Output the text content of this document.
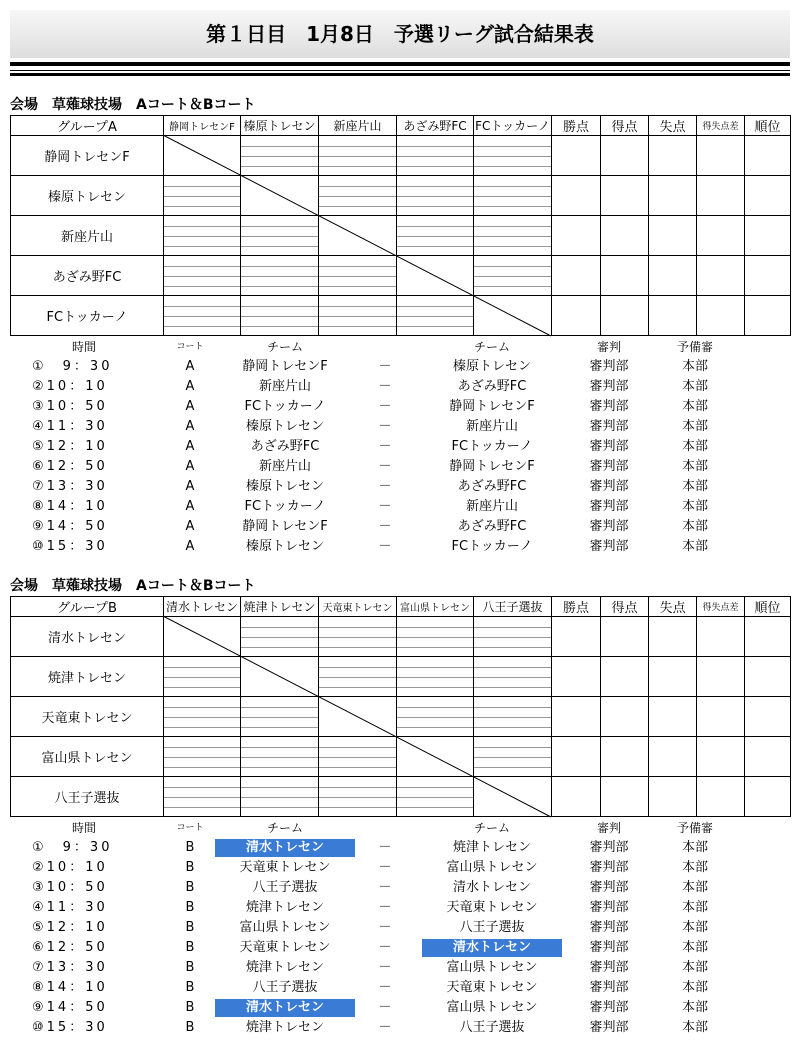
第１日目　1月8日　予選リーグ試合結果表
会場　草薙球技場　Aコート＆Bコート
グループA	静岡トレセンF	榛原トレセン	新座片山	あざみ野FC	FCトッカーノ	勝点	得点	失点	得失点差	順位
静岡トレセンF										
榛原トレセン										
新座片山										
あざみ野FC										
FCトッカーノ										
時間	コート	チーム	チーム	審判	予備審
①　9：30	A	静岡トレセンF	－	榛原トレセン	審判部	本部
②10：10	A	新座片山	－	あざみ野FC	審判部	本部
③10：50	A	FCトッカーノ	－	静岡トレセンF	審判部	本部
④11：30	A	榛原トレセン	－	新座片山	審判部	本部
⑤12：10	A	あざみ野FC	－	FCトッカーノ	審判部	本部
⑥12：50	A	新座片山	－	静岡トレセンF	審判部	本部
⑦13：30	A	榛原トレセン	－	あざみ野FC	審判部	本部
⑧14：10	A	FCトッカーノ	－	新座片山	審判部	本部
⑨14：50	A	静岡トレセンF	－	あざみ野FC	審判部	本部
⑩15：30	A	榛原トレセン	－	FCトッカーノ	審判部	本部
会場　草薙球技場　Aコート＆Bコート
グループB	清水トレセン	焼津トレセン	天竜東トレセン	富山県トレセン	八王子選抜	勝点	得点	失点	得失点差	順位
清水トレセン										
焼津トレセン										
天竜東トレセン										
富山県トレセン										
八王子選抜										
時間	コート	チーム	チーム	審判	予備審
①　9：30	B	清水トレセン	－	焼津トレセン	審判部	本部
②10：10	B	天竜東トレセン	－	富山県トレセン	審判部	本部
③10：50	B	八王子選抜	－	清水トレセン	審判部	本部
④11：30	B	焼津トレセン	－	天竜東トレセン	審判部	本部
⑤12：10	B	富山県トレセン	－	八王子選抜	審判部	本部
⑥12：50	B	天竜東トレセン	－	清水トレセン	審判部	本部
⑦13：30	B	焼津トレセン	－	富山県トレセン	審判部	本部
⑧14：10	B	八王子選抜	－	天竜東トレセン	審判部	本部
⑨14：50	B	清水トレセン	－	富山県トレセン	審判部	本部
⑩15：30	B	焼津トレセン	－	八王子選抜	審判部	本部
